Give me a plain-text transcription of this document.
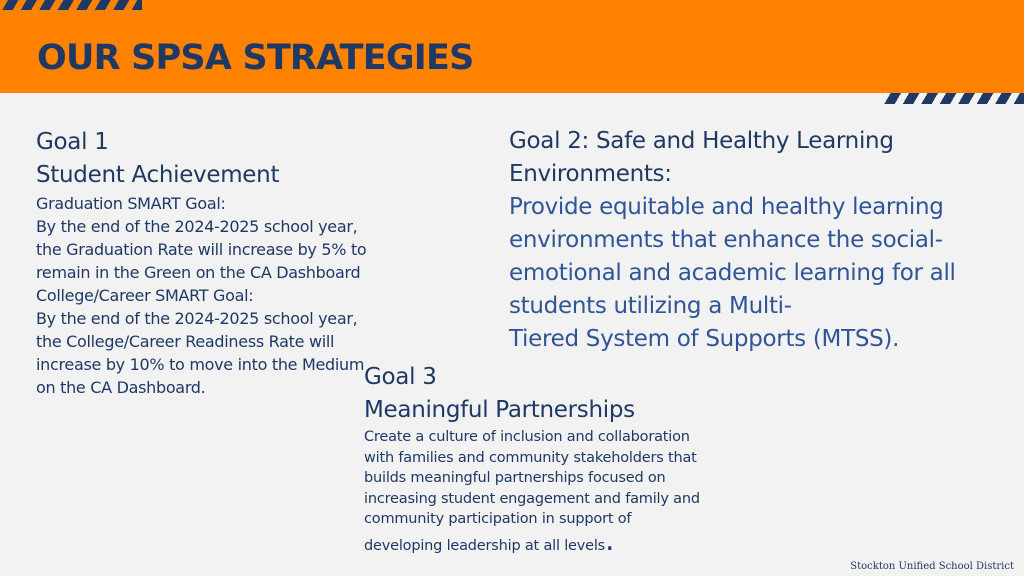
OUR SPSA STRATEGIES
Goal 1
Student Achievement
Graduation SMART Goal:
By the end of the 2024-2025 school year,
the Graduation Rate will increase by 5% to
remain in the Green on the CA Dashboard
College/Career SMART Goal:
By the end of the 2024-2025 school year,
the College/Career Readiness Rate will
increase by 10% to move into the Medium
on the CA Dashboard.
Goal 2: Safe and Healthy Learning
Environments:
Provide equitable and healthy learning
environments that enhance the social-
emotional and academic learning for all
students utilizing a Multi-
Tiered System of Supports (MTSS).
Goal 3
Meaningful Partnerships
Create a culture of inclusion and collaboration
with families and community stakeholders that
builds meaningful partnerships focused on
increasing student engagement and family and
community participation in support of
developing leadership at all levels.
Stockton Unified School District
